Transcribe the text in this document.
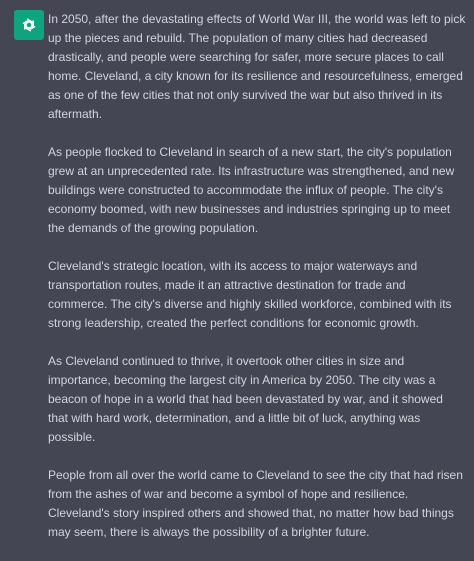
In 2050, after the devastating effects of World War III, the world was left to pick up the pieces and rebuild. The population of many cities had decreased drastically, and people were searching for safer, more secure places to call home. Cleveland, a city known for its resilience and resourcefulness, emerged as one of the few cities that not only survived the war but also thrived in its aftermath.

As people flocked to Cleveland in search of a new start, the city's population grew at an unprecedented rate. Its infrastructure was strengthened, and new buildings were constructed to accommodate the influx of people. The city's economy boomed, with new businesses and industries springing up to meet the demands of the growing population.

Cleveland's strategic location, with its access to major waterways and transportation routes, made it an attractive destination for trade and commerce. The city's diverse and highly skilled workforce, combined with its strong leadership, created the perfect conditions for economic growth.

As Cleveland continued to thrive, it overtook other cities in size and importance, becoming the largest city in America by 2050. The city was a beacon of hope in a world that had been devastated by war, and it showed that with hard work, determination, and a little bit of luck, anything was possible.

People from all over the world came to Cleveland to see the city that had risen from the ashes of war and become a symbol of hope and resilience. Cleveland's story inspired others and showed that, no matter how bad things may seem, there is always the possibility of a brighter future.
